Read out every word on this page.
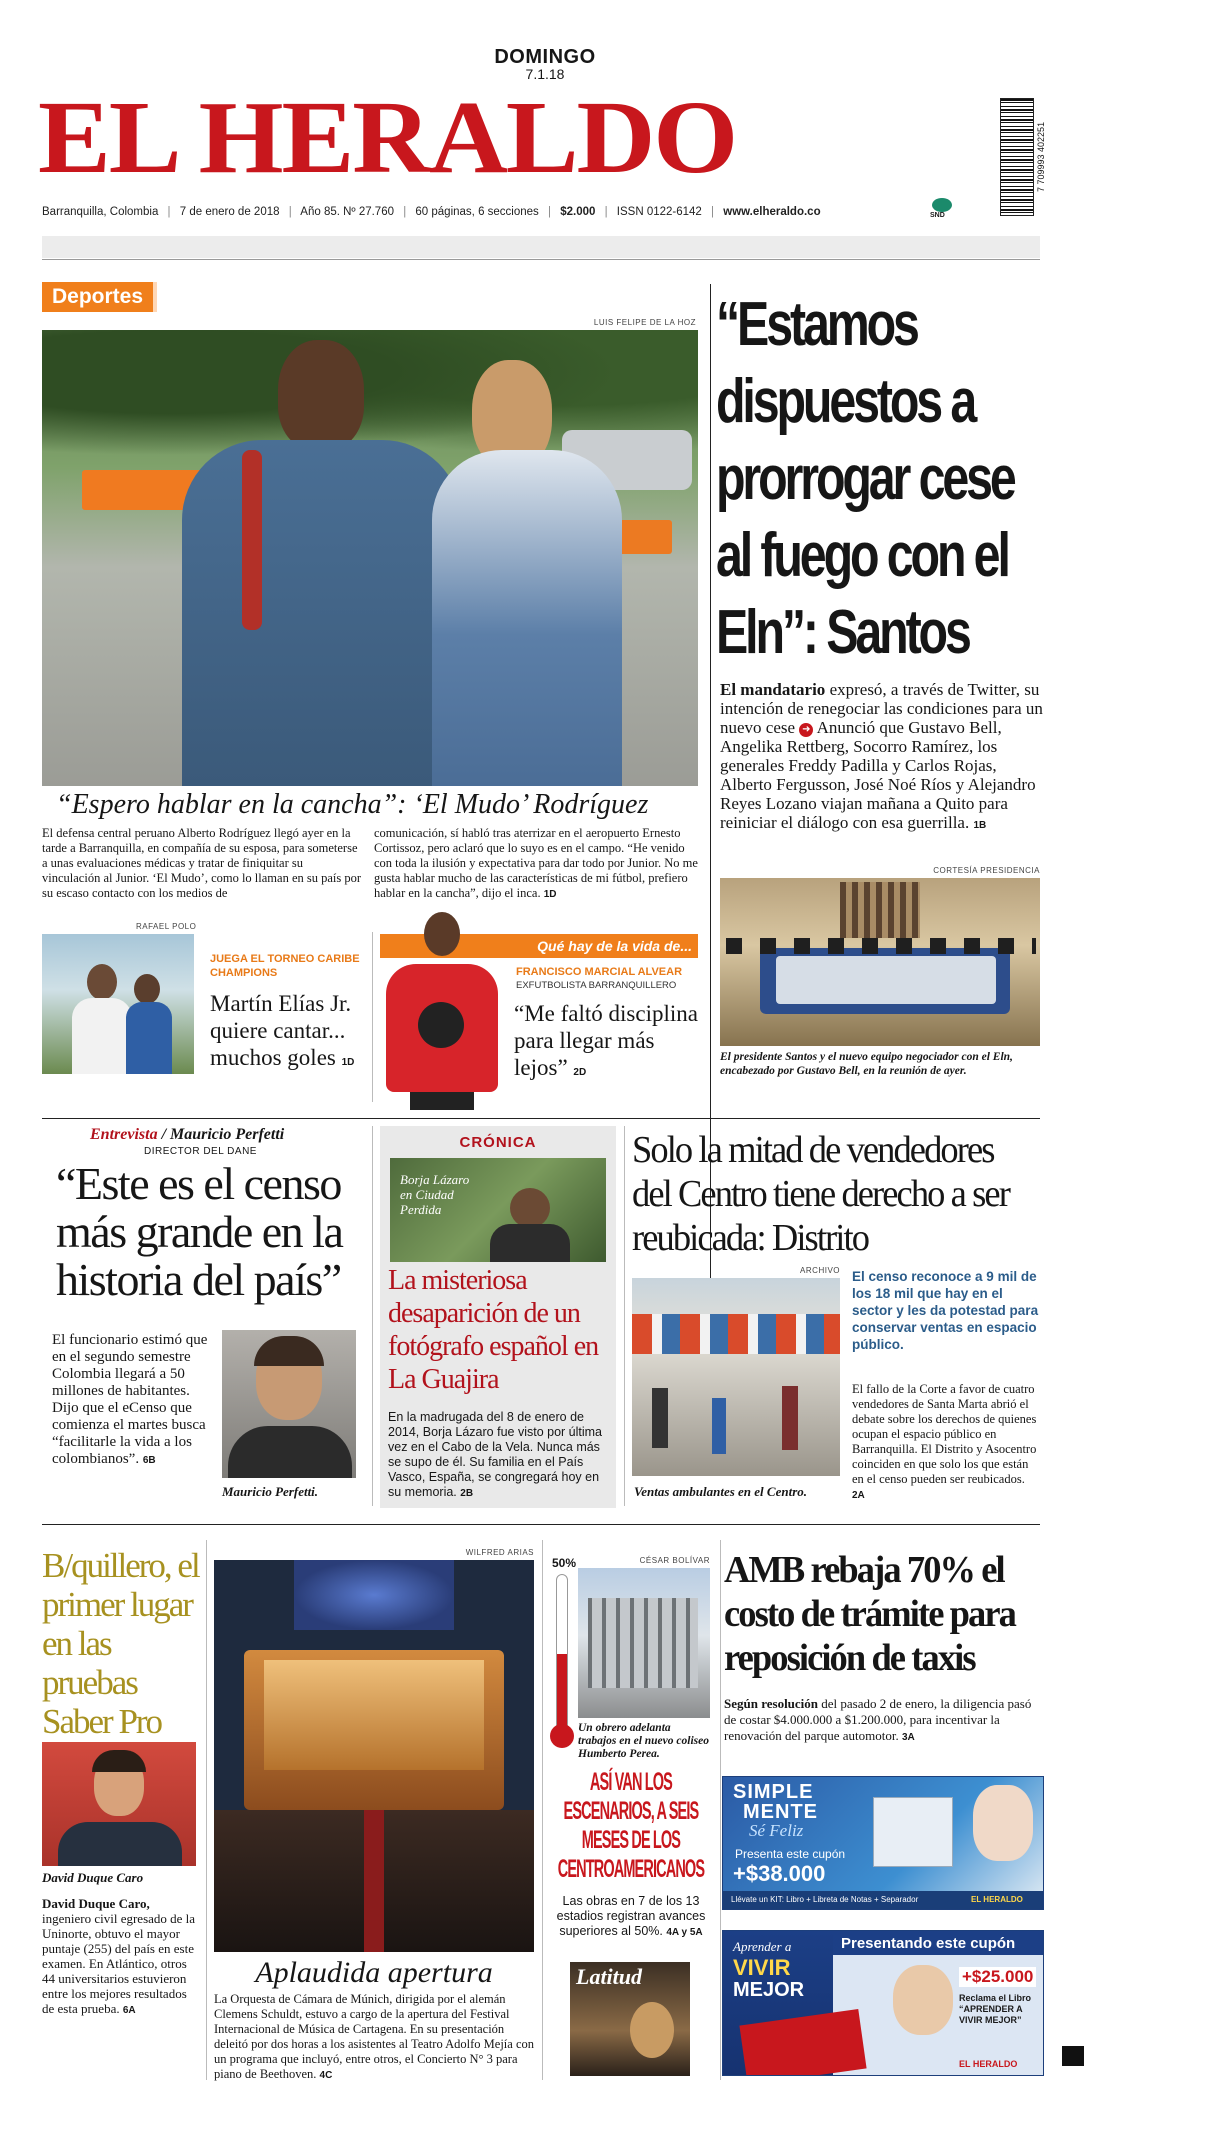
DOMINGO
7.1.18
EL HERALDO	7 709993 402251
Barranquilla, Colombia | 7 de enero de 2018 | Año 85. Nº 27.760 | 60 páginas, 6 secciones | $2.000 | ISSN 0122-6142 | www.elheraldo.co	SND
Deportes
LUIS FELIPE DE LA HOZ
“Espero hablar en la cancha”: ‘El Mudo’ Rodríguez
El defensa central peruano Alberto Rodríguez llegó ayer en la tarde a Barranquilla, en compañía de su esposa, para someterse a unas evaluaciones médicas y tratar de finiquitar su vinculación al Junior. ‘El Mudo’, como lo llaman en su país por su escaso contacto con los medios de
comunicación, sí habló tras aterrizar en el aeropuerto Ernesto Cortissoz, pero aclaró que lo suyo es en el campo. “He venido con toda la ilusión y expectativa para dar todo por Junior. No me gusta hablar mucho de las características de mi fútbol, prefiero hablar en la cancha”, dijo el inca. 1D
RAFAEL POLO
JUEGA EL TORNEO CARIBE CHAMPIONS
Martín Elías Jr. quiere cantar... muchos goles 1D
Qué hay de la vida de...
FRANCISCO MARCIAL ALVEAR
EXFUTBOLISTA BARRANQUILLERO
“Me faltó disciplina para llegar más lejos” 2D
“Estamos dispuestos a prorrogar cese al fuego con el Eln”: Santos
El mandatario expresó, a través de Twitter, su intención de renegociar las condiciones para un nuevo cese ➜ Anunció que Gustavo Bell, Angelika Rettberg, Socorro Ramírez, los generales Freddy Padilla y Carlos Rojas, Alberto Fergusson, José Noé Ríos y Alejandro Reyes Lozano viajan mañana a Quito para reiniciar el diálogo con esa guerrilla. 1B
CORTESÍA PRESIDENCIA
El presidente Santos y el nuevo equipo negociador con el Eln, encabezado por Gustavo Bell, en la reunión de ayer.
Entrevista / Mauricio Perfetti
DIRECTOR DEL DANE
“Este es el censo más grande en la historia del país”
El funcionario estimó que en el segundo semestre Colombia llegará a 50 millones de habitantes. Dijo que el eCenso que comienza el martes busca “facilitarle la vida a los colombianos”. 6B
Mauricio Perfetti.
CRÓNICA
Borja Lázaro en Ciudad Perdida
La misteriosa desaparición de un fotógrafo español en La Guajira
En la madrugada del 8 de enero de 2014, Borja Lázaro fue visto por última vez en el Cabo de la Vela. Nunca más se supo de él. Su familia en el País Vasco, España, se congregará hoy en su memoria. 2B
Solo la mitad de vendedores del Centro tiene derecho a ser reubicada: Distrito
ARCHIVO
Ventas ambulantes en el Centro.
El censo reconoce a 9 mil de los 18 mil que hay en el sector y les da potestad para conservar ventas en espacio público.
El fallo de la Corte a favor de cuatro vendedores de Santa Marta abrió el debate sobre los derechos de quienes ocupan el espacio público en Barranquilla. El Distrito y Asocentro coinciden en que solo los que están en el censo pueden ser reubicados. 2A
B/quillero, el primer lugar en las pruebas Saber Pro
David Duque Caro
David Duque Caro, ingeniero civil egresado de la Uninorte, obtuvo el mayor puntaje (255) del país en este examen. En Atlántico, otros 44 universitarios estuvieron entre los mejores resultados de esta prueba. 6A
WILFRED ARIAS
Aplaudida apertura
La Orquesta de Cámara de Múnich, dirigida por el alemán Clemens Schuldt, estuvo a cargo de la apertura del Festival Internacional de Música de Cartagena. En su presentación deleitó por dos horas a los asistentes al Teatro Adolfo Mejía con un programa que incluyó, entre otros, el Concierto N° 3 para piano de Beethoven. 4C
50%	CÉSAR BOLÍVAR
Un obrero adelanta trabajos en el nuevo coliseo Humberto Perea.
ASÍ VAN LOS ESCENARIOS, A SEIS MESES DE LOS CENTROAMERICANOS
Las obras en 7 de los 13 estadios registran avances superiores al 50%. 4A y 5A
Latitud
AMB rebaja 70% el costo de trámite para reposición de taxis
Según resolución del pasado 2 de enero, la diligencia pasó de costar $4.000.000 a $1.200.000, para incentivar la renovación del parque automotor. 3A
SIMPLE
MENTE
Sé Feliz
Presenta este cupón
+$38.000
Llévate un KIT: Libro + Libreta de Notas + Separador	EL HERALDO
Aprender a
VIVIR
MEJOR
Presentando este cupón
+$25.000
Reclama el Libro “APRENDER A VIVIR MEJOR”
EL HERALDO
